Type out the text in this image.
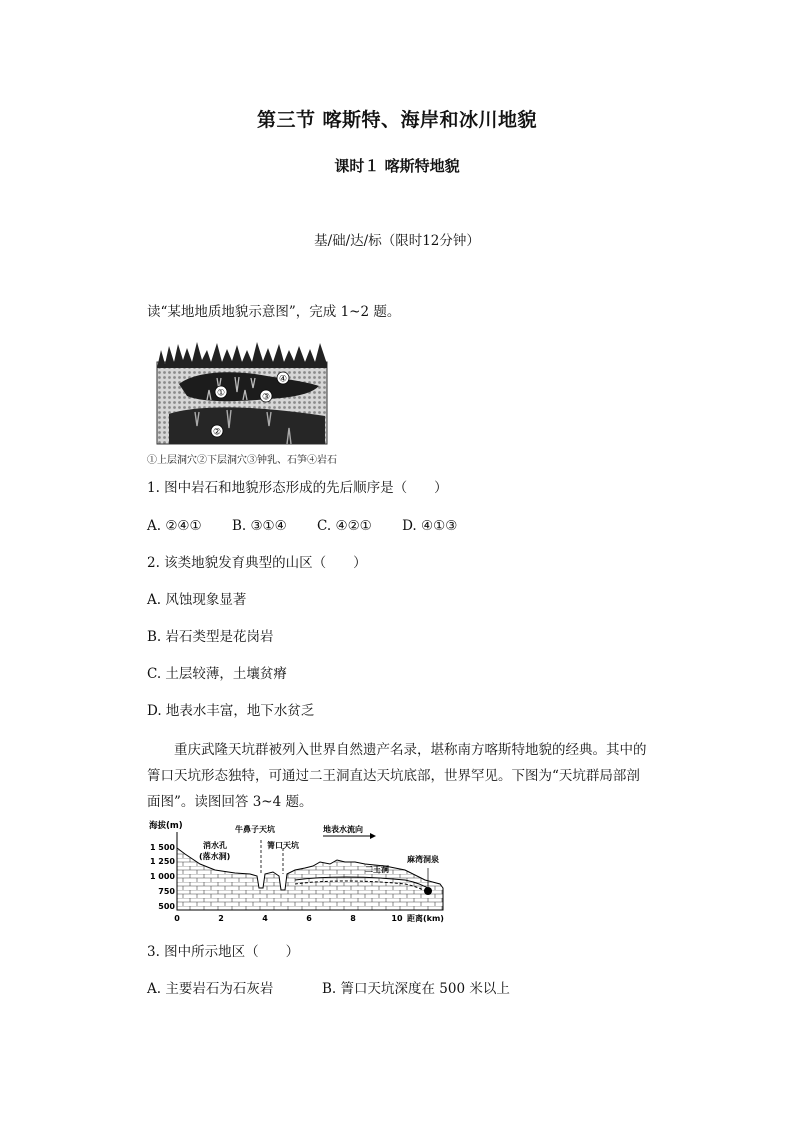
第三节 喀斯特、海岸和冰川地貌
课时１ 喀斯特地貌
基/础/达/标（限时12分钟）
读“某地地质地貌示意图”，完成 1~2 题。
①
②
③
④
①上层洞穴②下层洞穴③钟乳、石笋④岩石
1. 图中岩石和地貌形态形成的先后顺序是（　　）
A. ②④① B. ③①④ C. ④②① D. ④①③
2. 该类地貌发育典型的山区（　　）
A. 风蚀现象显著
B. 岩石类型是花岗岩
C. 土层较薄，土壤贫瘠
D. 地表水丰富，地下水贫乏
重庆武隆天坑群被列入世界自然遗产名录，堪称南方喀斯特地貌的经典。其中的箐口天坑形态独特，可通过二王洞直达天坑底部，世界罕见。下图为“天坑群局部剖面图”。读图回答 3~4 题。
海拔(m)
1 500
1 250
1 000
750
500
0	2	4	6	8	10 距离(km)
牛鼻子天坑	地表水流向
消水孔
(落水洞)
箐口天坑
二王洞
麻湾洞泉
3. 图中所示地区（　　）
A. 主要岩石为石灰岩	B. 箐口天坑深度在 500 米以上
